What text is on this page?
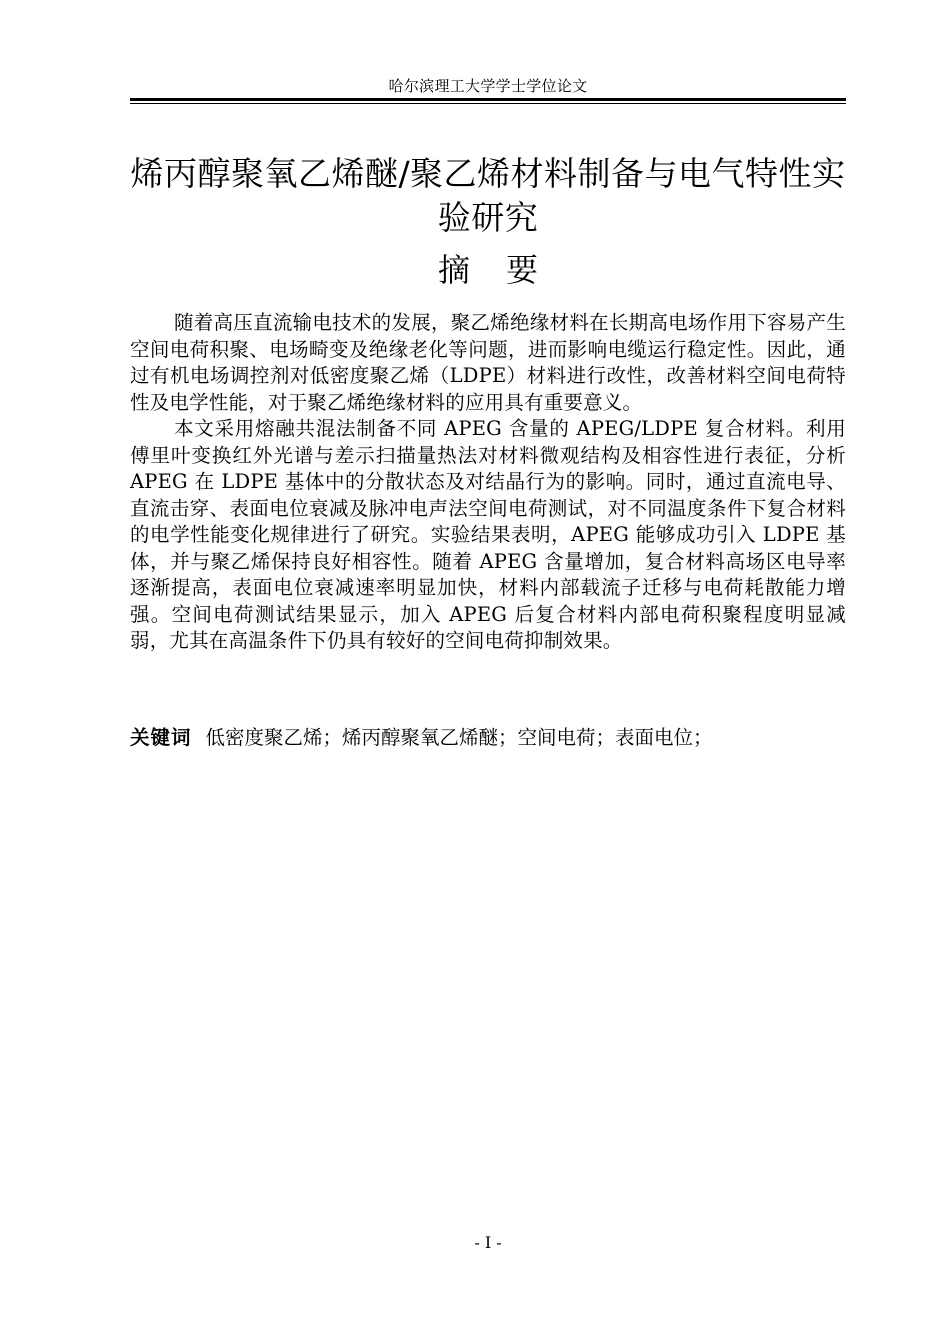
哈尔滨理工大学学士学位论文
烯丙醇聚氧乙烯醚/聚乙烯材料制备与电气特性实验研究
摘要

随着高压直流输电技术的发展，聚乙烯绝缘材料在长期高电场作用下容易产生空间电荷积聚、电场畸变及绝缘老化等问题，进而影响电缆运行稳定性。因此，通过有机电场调控剂对低密度聚乙烯（LDPE）材料进行改性，改善材料空间电荷特性及电学性能，对于聚乙烯绝缘材料的应用具有重要意义。

本文采用熔融共混法制备不同 APEG 含量的 APEG/LDPE 复合材料。利用傅里叶变换红外光谱与差示扫描量热法对材料微观结构及相容性进行表征，分析 APEG 在 LDPE 基体中的分散状态及对结晶行为的影响。同时，通过直流电导、直流击穿、表面电位衰减及脉冲电声法空间电荷测试，对不同温度条件下复合材料的电学性能变化规律进行了研究。实验结果表明，APEG 能够成功引入 LDPE 基体，并与聚乙烯保持良好相容性。随着 APEG 含量增加，复合材料高场区电导率逐渐提高，表面电位衰减速率明显加快，材料内部载流子迁移与电荷耗散能力增强。空间电荷测试结果显示，加入 APEG 后复合材料内部电荷积聚程度明显减弱，尤其在高温条件下仍具有较好的空间电荷抑制效果。

关键词 低密度聚乙烯；烯丙醇聚氧乙烯醚；空间电荷；表面电位；
- I -
